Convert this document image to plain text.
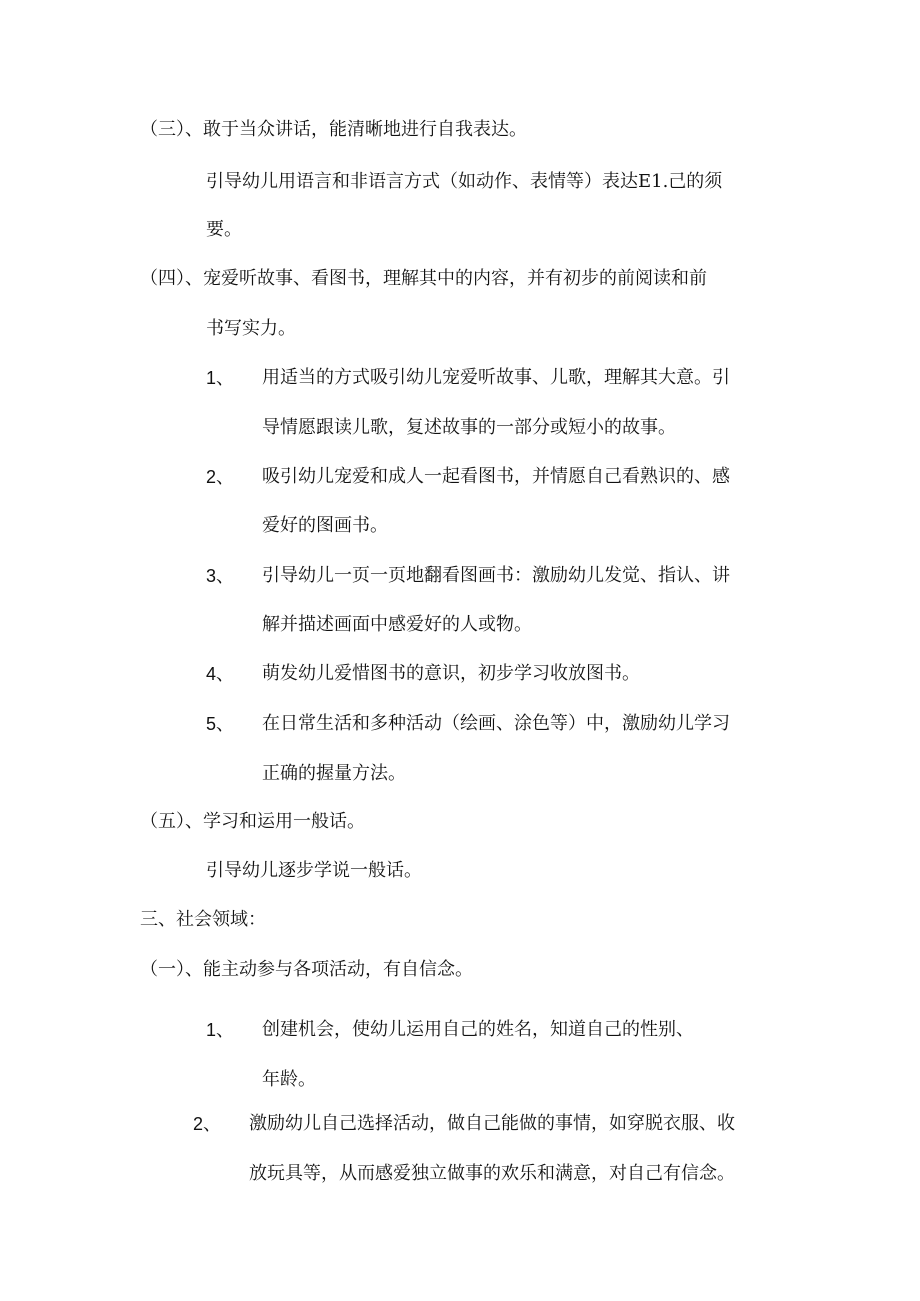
（三）、敢于当众讲话，能清晰地进行自我表达。
引导幼儿用语言和非语言方式（如动作、表情等）表达E1.己的须
要。
（四）、宠爱听故事、看图书，理解其中的内容，并有初步的前阅读和前
书写实力。
1、 用适当的方式吸引幼儿宠爱听故事、儿歌，理解其大意。引
导情愿跟读儿歌，复述故事的一部分或短小的故事。
2、 吸引幼儿宠爱和成人一起看图书，并情愿自己看熟识的、感
爱好的图画书。
3、 引导幼儿一页一页地翻看图画书：激励幼儿发觉、指认、讲
解并描述画面中感爱好的人或物。
4、 萌发幼儿爱惜图书的意识，初步学习收放图书。
5、 在日常生活和多种活动（绘画、涂色等）中，激励幼儿学习
正确的握量方法。
（五）、学习和运用一般话。
引导幼儿逐步学说一般话。
三、社会领域：
（一）、能主动参与各项活动，有自信念。
1、 创建机会，使幼儿运用自己的姓名，知道自己的性别、
年龄。
2、 激励幼儿自己选择活动，做自己能做的事情，如穿脱衣服、收
放玩具等，从而感爱独立做事的欢乐和满意，对自己有信念。
